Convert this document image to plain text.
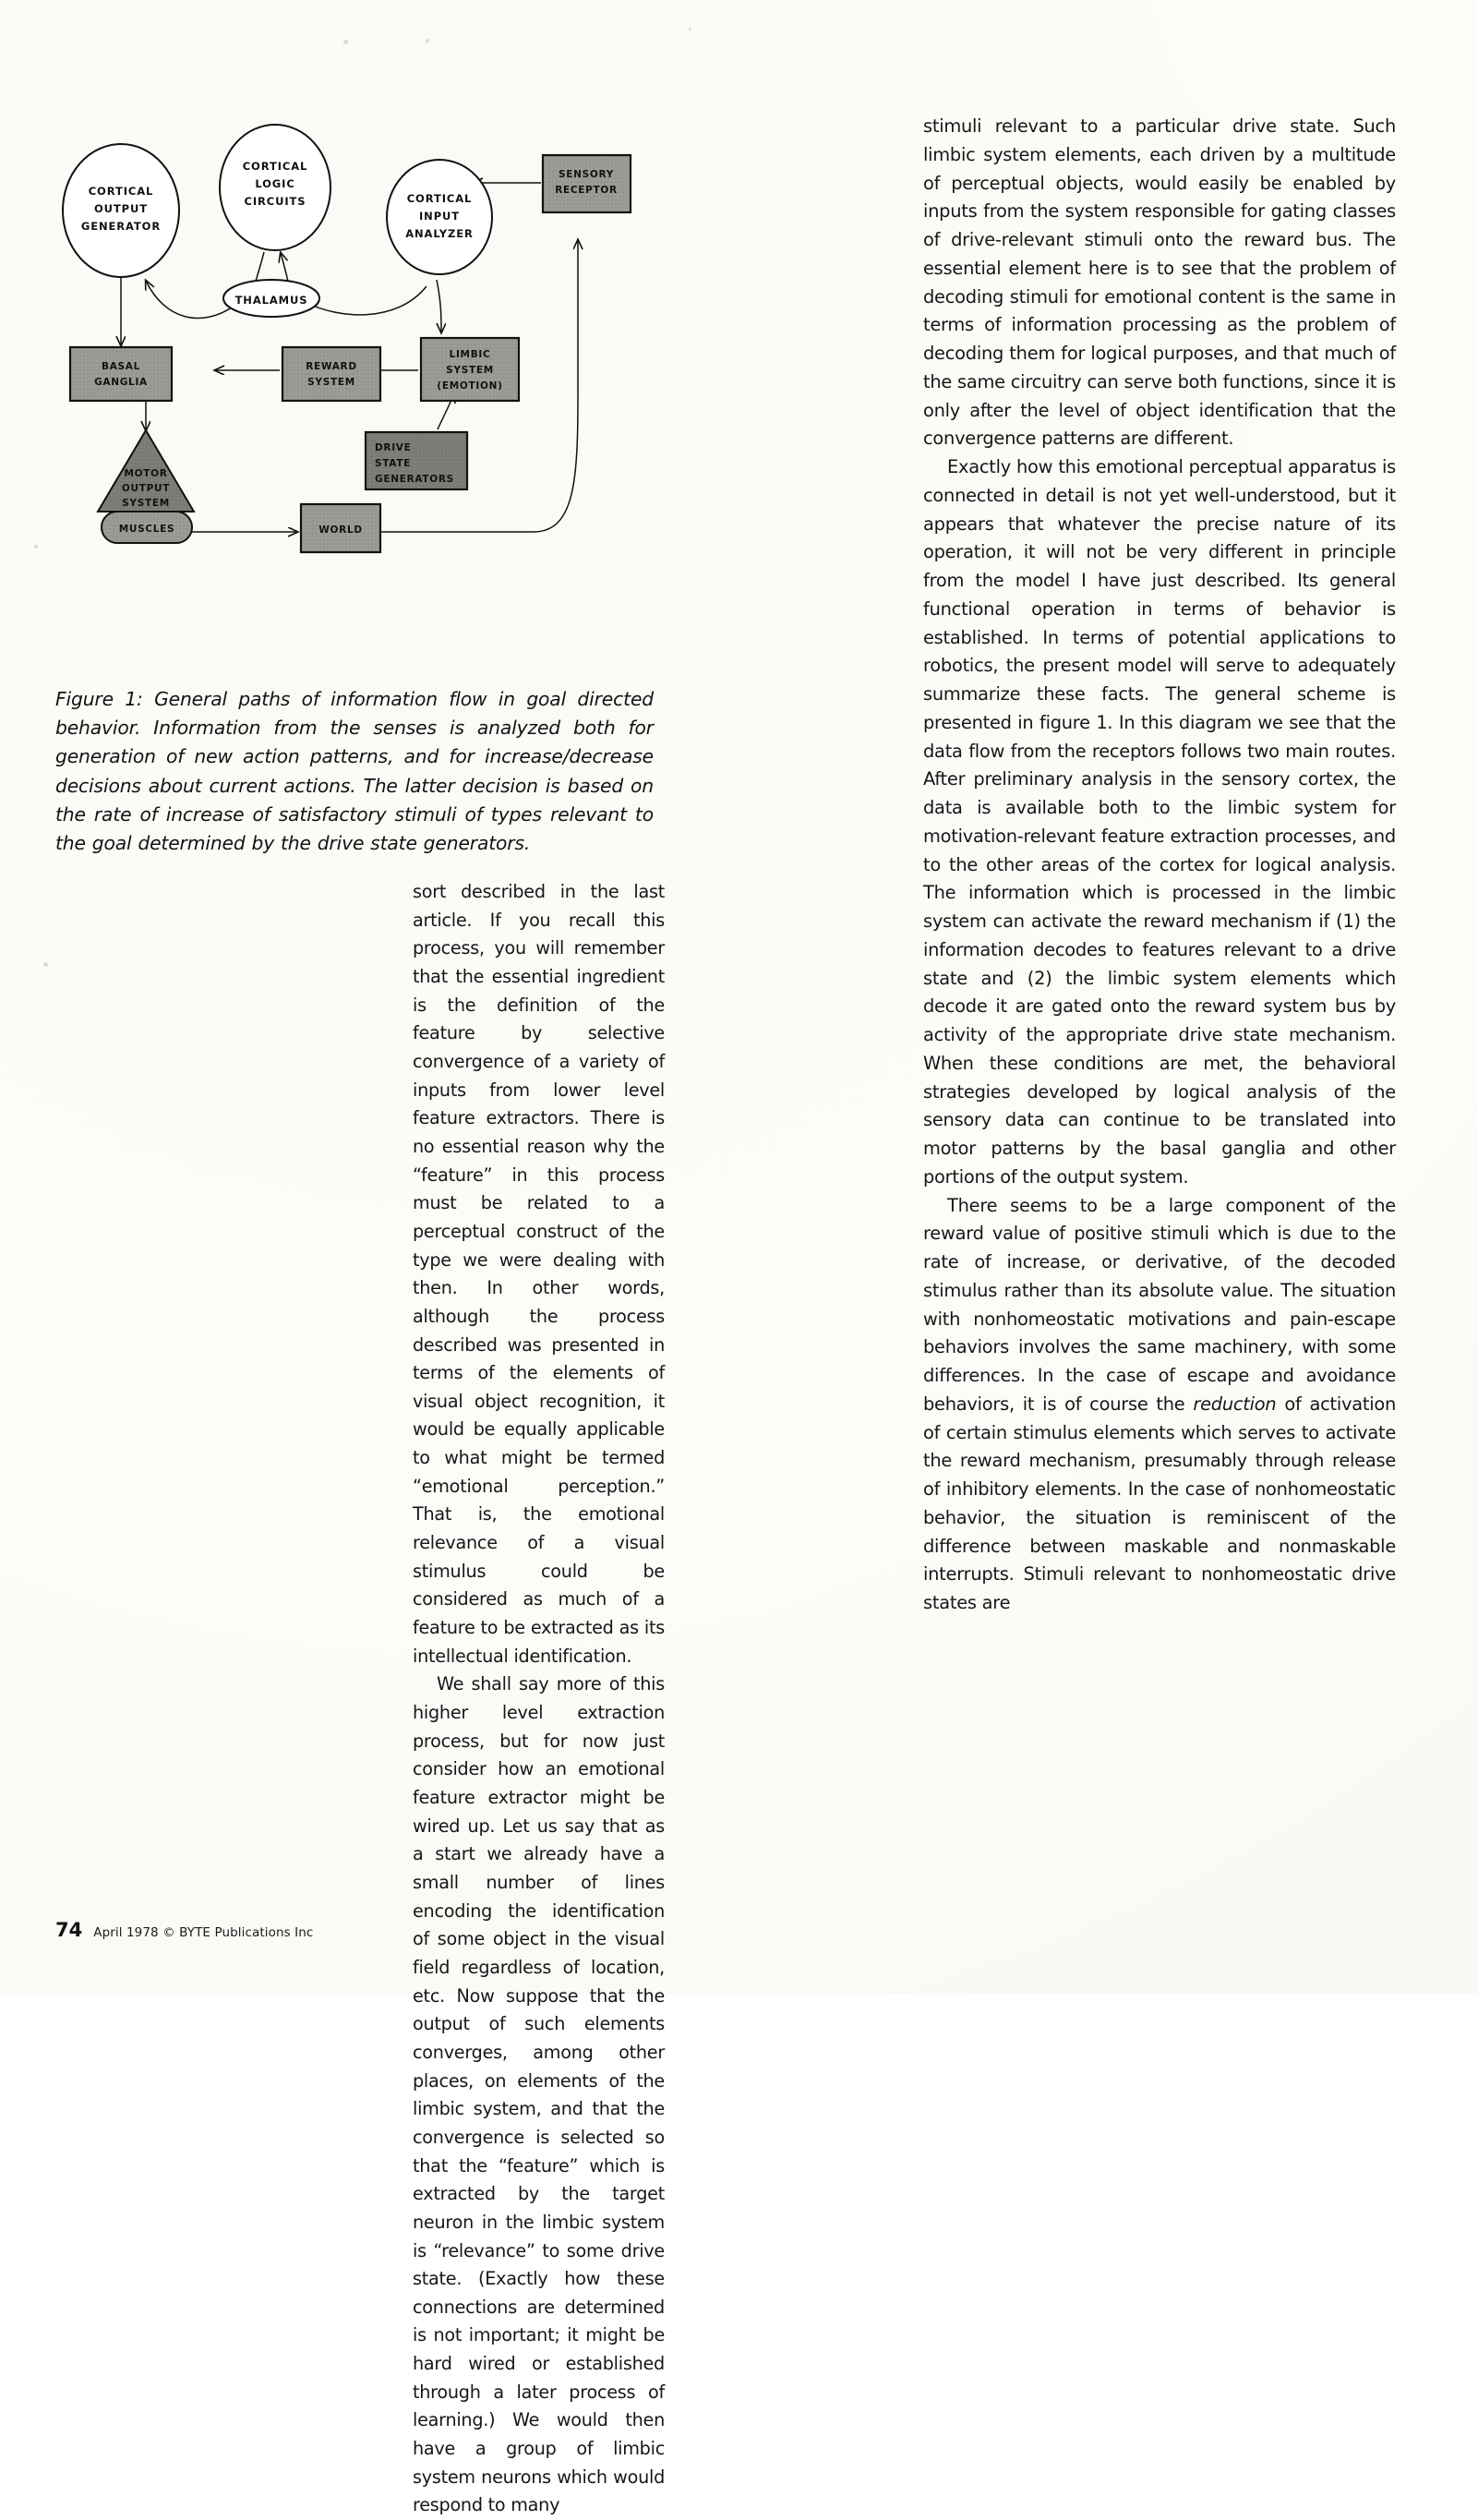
CORTICAL
LOGIC
CIRCUITS
CORTICAL
OUTPUT
GENERATOR
CORTICAL
INPUT
ANALYZER
THALAMUS
SENSORY
RECEPTOR
BASAL
GANGLIA
REWARD
SYSTEM
LIMBIC
SYSTEM
(EMOTION)
DRIVE
STATE
GENERATORS
MOTOR
OUTPUT
SYSTEM
MUSCLES	WORLD
Figure 1: General paths of information flow in goal directed behavior. Information from the senses is analyzed both for generation of new action patterns, and for increase/decrease decisions about current actions. The latter decision is based on the rate of increase of satisfactory stimuli of types relevant to the goal determined by the drive state generators.

sort described in the last article. If you recall this process, you will remember that the essential ingredient is the definition of the feature by selective convergence of a variety of inputs from lower level feature extractors. There is no essential reason why the “feature” in this process must be related to a perceptual construct of the type we were dealing with then. In other words, although the process described was presented in terms of the elements of visual object recognition, it would be equally applicable to what might be termed “emotional perception.” That is, the emotional relevance of a visual stimulus could be considered as much of a feature to be extracted as its intellectual identification.

We shall say more of this higher level extraction process, but for now just consider how an emotional feature extractor might be wired up. Let us say that as a start we already have a small number of lines encoding the identification of some object in the visual field regardless of location, etc. Now suppose that the output of such elements converges, among other places, on elements of the limbic system, and that the convergence is selected so that the “feature” which is extracted by the target neuron in the limbic system is “relevance” to some drive state. (Exactly how these connections are determined is not important; it might be hard wired or established through a later process of learning.) We would then have a group of limbic system neurons which would respond to many

stimuli relevant to a particular drive state. Such limbic system elements, each driven by a multitude of perceptual objects, would easily be enabled by inputs from the system responsible for gating classes of drive-relevant stimuli onto the reward bus. The essential element here is to see that the problem of decoding stimuli for emotional content is the same in terms of information processing as the problem of decoding them for logical purposes, and that much of the same circuitry can serve both functions, since it is only after the level of object identification that the convergence patterns are different.

Exactly how this emotional perceptual apparatus is connected in detail is not yet well-understood, but it appears that whatever the precise nature of its operation, it will not be very different in principle from the model I have just described. Its general functional operation in terms of behavior is established. In terms of potential applications to robotics, the present model will serve to adequately summarize these facts. The general scheme is presented in figure 1. In this diagram we see that the data flow from the receptors follows two main routes. After preliminary analysis in the sensory cortex, the data is available both to the limbic system for motivation-relevant feature extraction processes, and to the other areas of the cortex for logical analysis. The information which is processed in the limbic system can activate the reward mechanism if (1) the information decodes to features relevant to a drive state and (2) the limbic system elements which decode it are gated onto the reward system bus by activity of the appropriate drive state mechanism. When these conditions are met, the behavioral strategies developed by logical analysis of the sensory data can continue to be translated into motor patterns by the basal ganglia and other portions of the output system.

There seems to be a large component of the reward value of positive stimuli which is due to the rate of increase, or derivative, of the decoded stimulus rather than its absolute value. The situation with nonhomeostatic motivations and pain-escape behaviors involves the same machinery, with some differences. In the case of escape and avoidance behaviors, it is of course the reduction of activation of certain stimulus elements which serves to activate the reward mechanism, presumably through release of inhibitory elements. In the case of nonhomeostatic behavior, the situation is reminiscent of the difference between maskable and nonmaskable interrupts. Stimuli relevant to nonhomeostatic drive states are

74 April 1978 © BYTE Publications Inc
